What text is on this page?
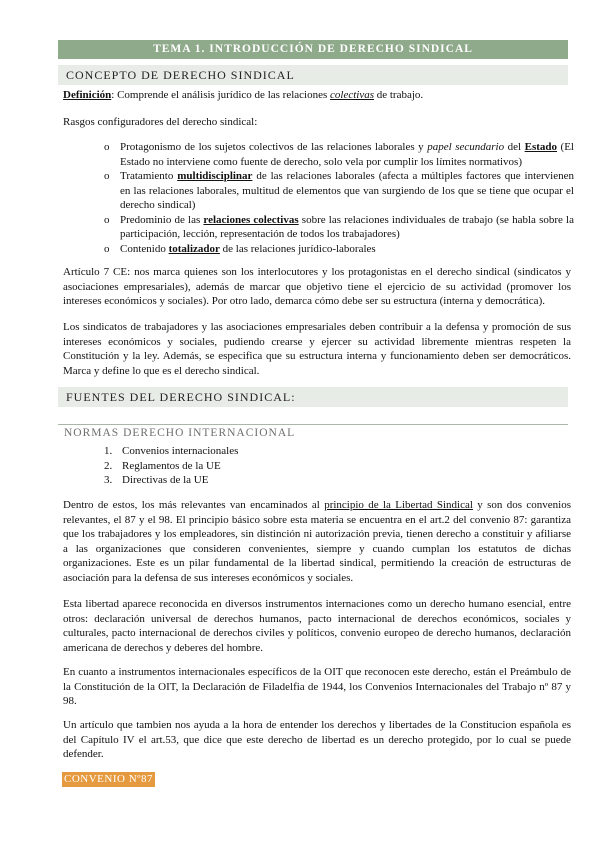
TEMA 1. INTRODUCCIÓN DE DERECHO SINDICAL
CONCEPTO DE DERECHO SINDICAL

Definición: Comprende el análisis jurídico de las relaciones colectivas de trabajo.

Rasgos configuradores del derecho sindical:

o Protagonismo de los sujetos colectivos de las relaciones laborales y papel secundario del Estado (El Estado no interviene como fuente de derecho, solo vela por cumplir los límites normativos)
o Tratamiento multidisciplinar de las relaciones laborales (afecta a múltiples factores que intervienen en las relaciones laborales, multitud de elementos que van surgiendo de los que se tiene que ocupar el derecho sindical)
o Predominio de las relaciones colectivas sobre las relaciones individuales de trabajo (se habla sobre la participación, lección, representación de todos los trabajadores)
o Contenido totalizador de las relaciones jurídico-laborales

Artículo 7 CE: nos marca quienes son los interlocutores y los protagonistas en el derecho sindical (sindicatos y asociaciones empresariales), además de marcar que objetivo tiene el ejercicio de su actividad (promover los intereses económicos y sociales). Por otro lado, demarca cómo debe ser su estructura (interna y democrática).

Los sindicatos de trabajadores y las asociaciones empresariales deben contribuir a la defensa y promoción de sus intereses económicos y sociales, pudiendo crearse y ejercer su actividad libremente mientras respeten la Constitución y la ley. Además, se especifica que su estructura interna y funcionamiento deben ser democráticos. Marca y define lo que es el derecho sindical.

FUENTES DEL DERECHO SINDICAL:
NORMAS DERECHO INTERNACIONAL
1. Convenios internacionales
2. Reglamentos de la UE
3. Directivas de la UE

Dentro de estos, los más relevantes van encaminados al principio de la Libertad Sindical y son dos convenios relevantes, el 87 y el 98. El principio básico sobre esta materia se encuentra en el art.2 del convenio 87: garantiza que los trabajadores y los empleadores, sin distinción ni autorización previa, tienen derecho a constituir y afiliarse a las organizaciones que consideren convenientes, siempre y cuando cumplan los estatutos de dichas organizaciones. Este es un pilar fundamental de la libertad sindical, permitiendo la creación de estructuras de asociación para la defensa de sus intereses económicos y sociales.

Esta libertad aparece reconocida en diversos instrumentos internaciones como un derecho humano esencial, entre otros: declaración universal de derechos humanos, pacto internacional de derechos económicos, sociales y culturales, pacto internacional de derechos civiles y políticos, convenio europeo de derecho humanos, declaración americana de derechos y deberes del hombre.

En cuanto a instrumentos internacionales específicos de la OIT que reconocen este derecho, están el Preámbulo de la Constitución de la OIT, la Declaración de Filadelfia de 1944, los Convenios Internacionales del Trabajo nº 87 y 98.

Un artículo que tambien nos ayuda a la hora de entender los derechos y libertades de la Constitucion española es del Capítulo IV el art.53, que dice que este derecho de libertad es un derecho protegido, por lo cual se puede defender.

CONVENIO Nº87
